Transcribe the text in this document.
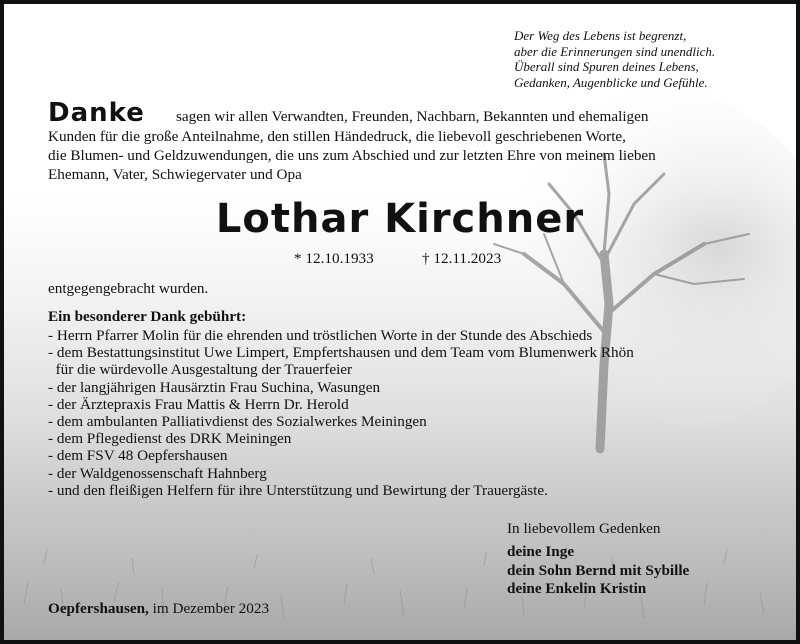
Der Weg des Lebens ist begrenzt,
aber die Erinnerungen sind unendlich.
Überall sind Spuren deines Lebens,
Gedanken, Augenblicke und Gefühle.
Danke sagen wir allen Verwandten, Freunden, Nachbarn, Bekannten und ehemaligen
Kunden für die große Anteilnahme, den stillen Händedruck, die liebevoll geschriebenen Worte,
die Blumen- und Geldzuwendungen, die uns zum Abschied und zur letzten Ehre von meinem lieben
Ehemann, Vater, Schwiegervater und Opa
Lothar Kirchner
* 12.10.1933	† 12.11.2023
entgegengebracht wurden.
Ein besonderer Dank gebührt:
- Herrn Pfarrer Molin für die ehrenden und tröstlichen Worte in der Stunde des Abschieds
- dem Bestattungsinstitut Uwe Limpert, Empfertshausen und dem Team vom Blumenwerk Rhön
für die würdevolle Ausgestaltung der Trauerfeier
- der langjährigen Hausärztin Frau Suchina, Wasungen
- der Ärztepraxis Frau Mattis & Herrn Dr. Herold
- dem ambulanten Palliativdienst des Sozialwerkes Meiningen
- dem Pflegedienst des DRK Meiningen
- dem FSV 48 Oepfershausen
- der Waldgenossenschaft Hahnberg
- und den fleißigen Helfern für ihre Unterstützung und Bewirtung der Trauergäste.
In liebevollem Gedenken
deine Inge
dein Sohn Bernd mit Sybille
deine Enkelin Kristin
Oepfershausen, im Dezember 2023
